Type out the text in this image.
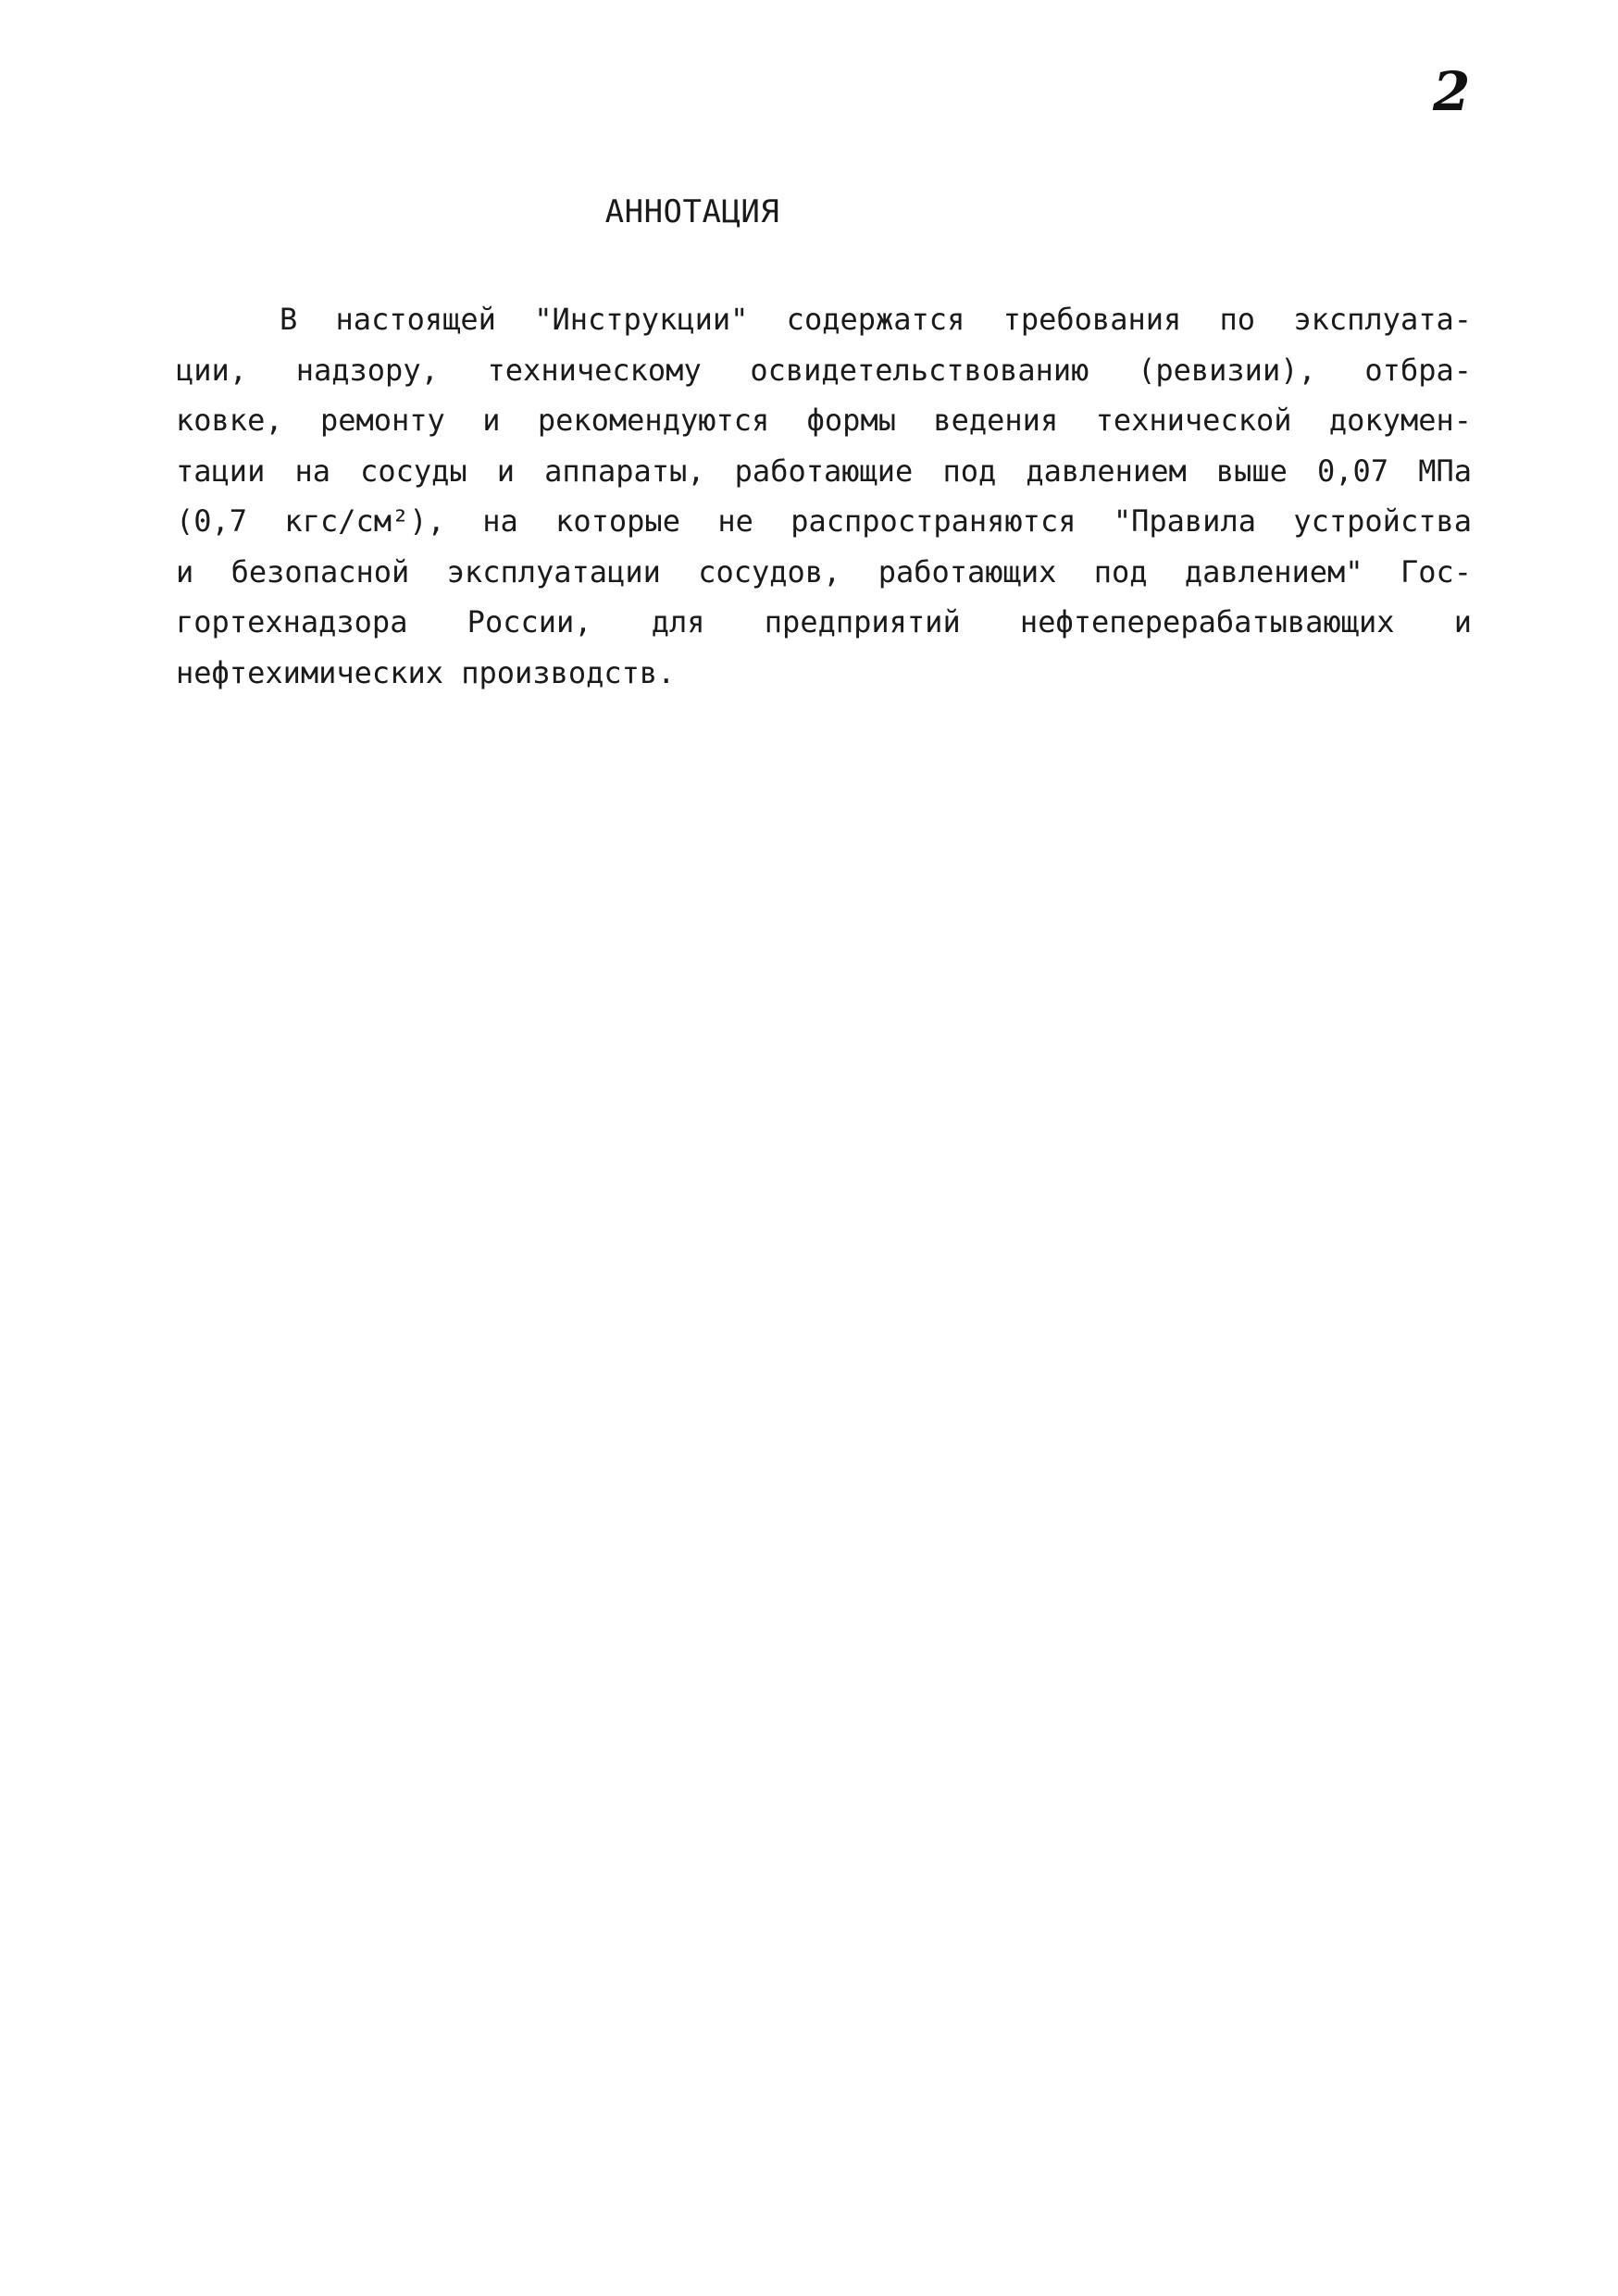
2
АННОТАЦИЯ
В настоящей "Инструкции" содержатся требования по эксплуата-
ции, надзору, техническому освидетельствованию (ревизии), отбра-
ковке, ремонту и рекомендуются формы ведения технической докумен-
тации на сосуды и аппараты, работающие под давлением выше 0,07 МПа
(0,7 кгс/см²), на которые не распространяются "Правила устройства
и безопасной эксплуатации сосудов, работающих под давлением" Гос-
гортехнадзора России, для предприятий нефтеперерабатывающих и
нефтехимических производств.
